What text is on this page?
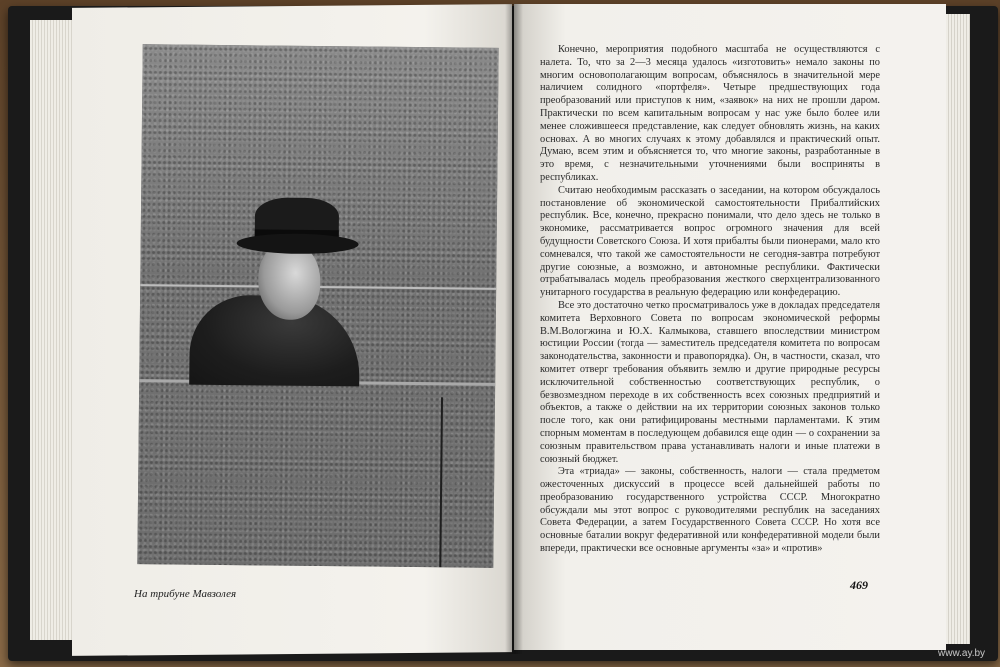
На трибуне Мавзолея

Конечно, мероприятия подобного масштаба не осуществляются с налета. То, что за 2—3 месяца удалось «изготовить» немало законы по многим основополагающим вопросам, объяснялось в значительной мере наличием солидного «портфеля». Четыре предшествующих года преобразований или приступов к ним, «заявок» на них не прошли даром. Практически по всем капитальным вопросам у нас уже было более или менее сложившееся представление, как следует обновлять жизнь, на каких основах. А во многих случаях к этому добавлялся и практический опыт. Думаю, всем этим и объясняется то, что многие законы, разработанные в это время, с незначительными уточнениями были восприняты в республиках.

Считаю необходимым рассказать о заседании, на котором обсуждалось постановление об экономической самостоятельности Прибалтийских республик. Все, конечно, прекрасно понимали, что дело здесь не только в экономике, рассматривается вопрос огромного значения для всей будущности Советского Союза. И хотя прибалты были пионерами, мало кто сомневался, что такой же самостоятельности не сегодня-завтра потребуют другие союзные, а возможно, и автономные республики. Фактически отрабатывалась модель преобразования жесткого сверхцентрализованного унитарного государства в реальную федерацию или конфедерацию.

Все это достаточно четко просматривалось уже в докладах председателя комитета Верховного Совета по вопросам экономической реформы В.М.Вологжина и Ю.Х. Калмыкова, ставшего впоследствии министром юстиции России (тогда — заместитель председателя комитета по вопросам законодательства, законности и правопорядка). Он, в частности, сказал, что комитет отверг требования объявить землю и другие природные ресурсы исключительной собственностью соответствующих республик, о безвозмездном переходе в их собственность всех союзных предприятий и объектов, а также о действии на их территории союзных законов только после того, как они ратифицированы местными парламентами. К этим спорным моментам в последующем добавился еще один — о сохранении за союзным правительством права устанавливать налоги и иные платежи в союзный бюджет.

Эта «триада» — законы, собственность, налоги — стала предметом ожесточенных дискуссий в процессе всей дальнейшей работы по преобразованию государственного устройства СССР. Многократно обсуждали мы этот вопрос с руководителями республик на заседаниях Совета Федерации, а затем Государственного Совета СССР. Но хотя все основные баталии вокруг федеративной или конфедеративной модели были впереди, практически все основные аргументы «за» и «против»

469
www.ay.by
